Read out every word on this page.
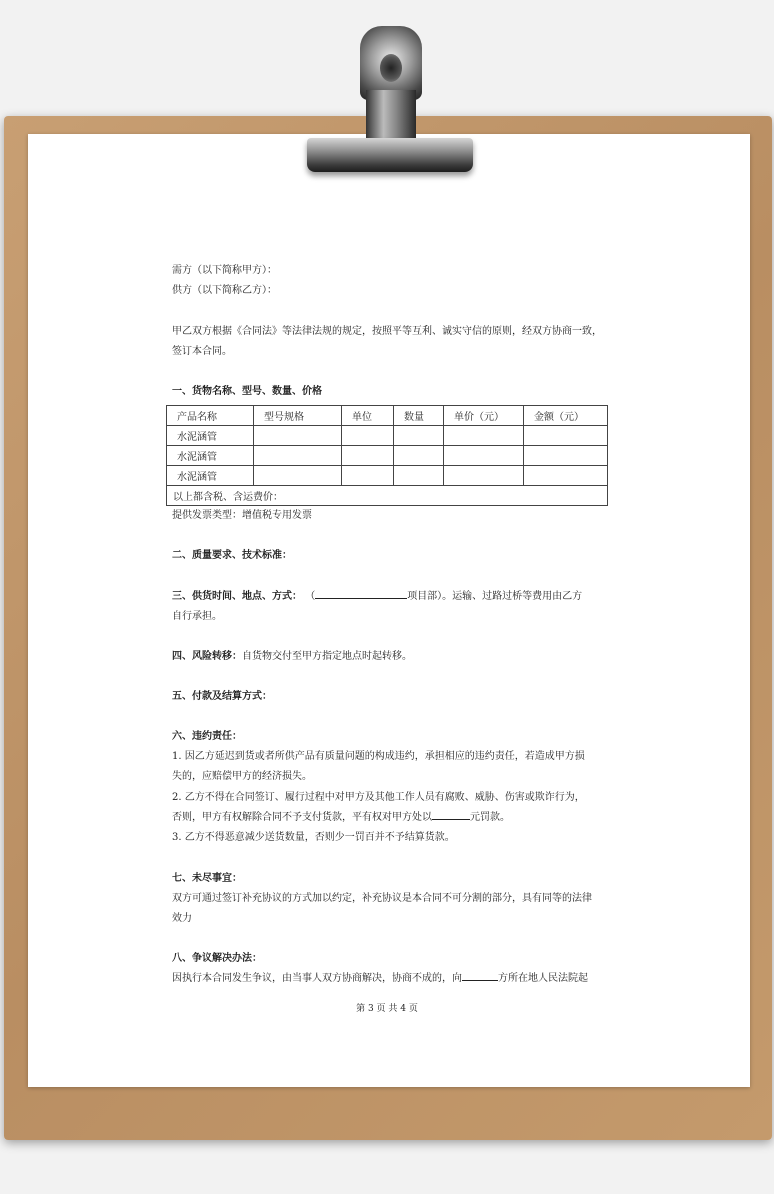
需方（以下简称甲方）：
供方（以下简称乙方）：
甲乙双方根据《合同法》等法律法规的规定，按照平等互利、诚实守信的原则，经双方协商一致，
签订本合同。
一、货物名称、型号、数量、价格
产品名称	型号规格	单位	数量	单价（元）	金额（元）
水泥涵管					
水泥涵管					
水泥涵管					
以上都含税、含运费价：					
提供发票类型：增值税专用发票
二、质量要求、技术标准：
三、供货时间、地点、方式： （	项目部）。运输、过路过桥等费用由乙方
自行承担。
四、风险转移：自货物交付至甲方指定地点时起转移。
五、付款及结算方式：
六、违约责任：
1. 因乙方延迟到货或者所供产品有质量问题的构成违约，承担相应的违约责任，若造成甲方损
失的，应赔偿甲方的经济损失。
2. 乙方不得在合同签订、履行过程中对甲方及其他工作人员有腐败、威胁、伤害或欺诈行为，
否则，甲方有权解除合同不予支付货款，平有权对甲方处以	元罚款。
3. 乙方不得恶意减少送货数量，否则少一罚百并不予结算货款。
七、未尽事宜：
双方可通过签订补充协议的方式加以约定，补充协议是本合同不可分割的部分，具有同等的法律
效力
八、争议解决办法：
因执行本合同发生争议，由当事人双方协商解决，协商不成的，向	方所在地人民法院起
第 3 页 共 4 页
